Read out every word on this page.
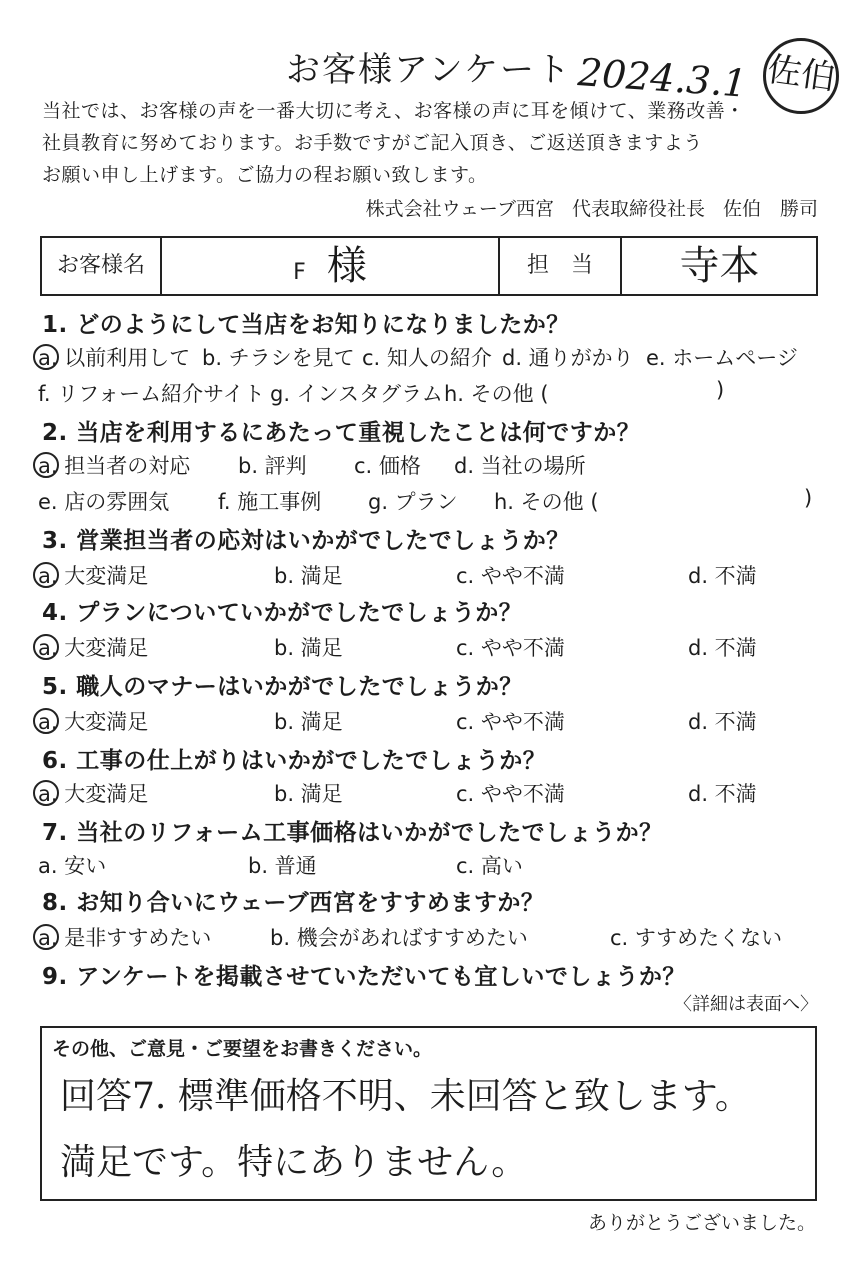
お客様アンケート 2024.3.1 佐伯
当社では、お客様の声を一番大切に考え、お客様の声に耳を傾けて、業務改善・
社員教育に努めております。お手数ですがご記入頂き、ご返送頂きますよう
お願い申し上げます。ご協力の程お願い致します。
株式会社ウェーブ西宮 代表取締役社長 佐伯　勝司
お客様名	F 様	担　当	寺本
1. どのようにして当店をお知りになりましたか？
a. 以前利用して b. チラシを見て c. 知人の紹介 d. 通りがかり e. ホームページ
f. リフォーム紹介サイト g. インスタグラム h. その他 (	)
2. 当店を利用するにあたって重視したことは何ですか？
a. 担当者の対応 b. 評判 c. 価格 d. 当社の場所
e. 店の雰囲気 f. 施工事例 g. プラン h. その他 (	)
3. 営業担当者の応対はいかがでしたでしょうか？
a. 大変満足	b. 満足	c. やや不満	d. 不満
4. プランについていかがでしたでしょうか？
a. 大変満足	b. 満足	c. やや不満	d. 不満
5. 職人のマナーはいかがでしたでしょうか？
a. 大変満足	b. 満足	c. やや不満	d. 不満
6. 工事の仕上がりはいかがでしたでしょうか？
a. 大変満足	b. 満足	c. やや不満	d. 不満
7. 当社のリフォーム工事価格はいかがでしたでしょうか？
a. 安い	b. 普通	c. 高い
8. お知り合いにウェーブ西宮をすすめますか？
a. 是非すすめたい	b. 機会があればすすめたい	c. すすめたくない
9. アンケートを掲載させていただいても宜しいでしょうか？
〈詳細は表面へ〉
その他、ご意見・ご要望をお書きください。
回答7. 標準価格不明、未回答と致します。
満足です。特にありません。
ありがとうございました。
